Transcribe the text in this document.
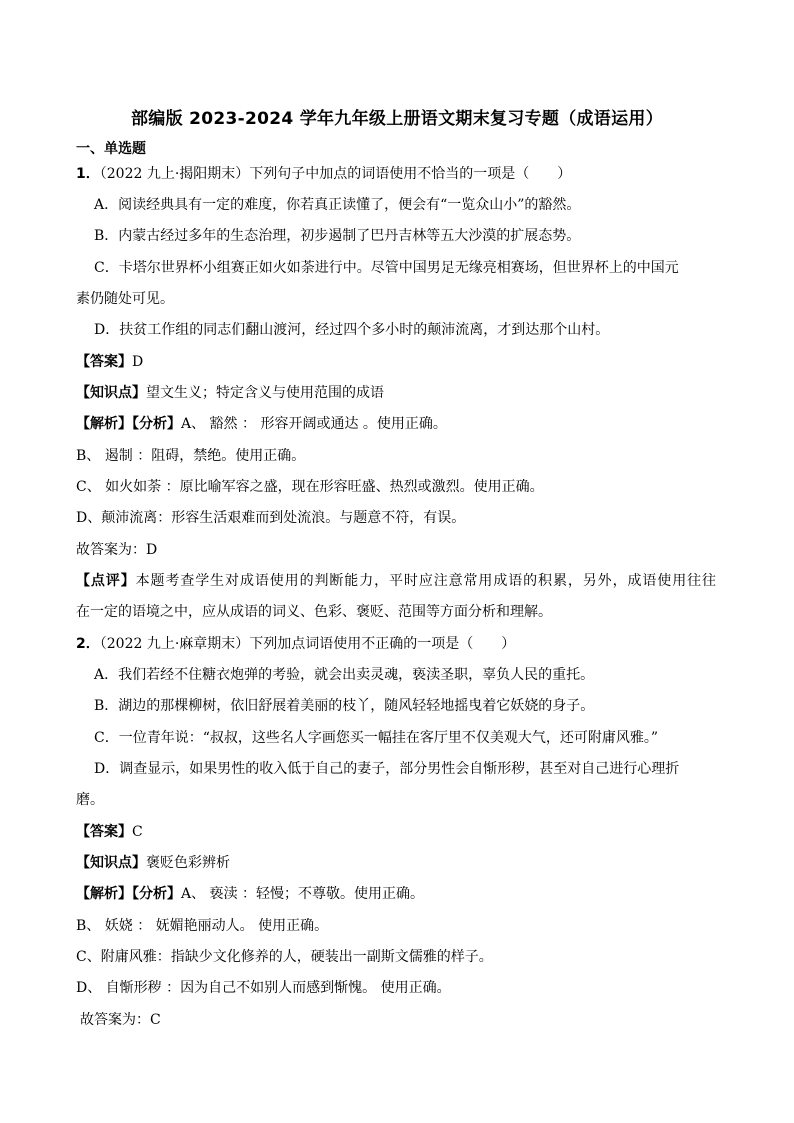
部编版 2023-2024 学年九年级上册语文期末复习专题（成语运用）
一、单选题
1．（2022 九上·揭阳期末）下列句子中加点的词语使用不恰当的一项是（　　）
A．阅读经典具有一定的难度，你若真正读懂了，便会有“一览众山小”的豁然。
B．内蒙古经过多年的生态治理，初步遏制了巴丹吉林等五大沙漠的扩展态势。
C．卡塔尔世界杯小组赛正如火如荼进行中。尽管中国男足无缘亮相赛场，但世界杯上的中国元
素仍随处可见。
D．扶贫工作组的同志们翻山渡河，经过四个多小时的颠沛流离，才到达那个山村。
【答案】D
【知识点】望文生义；特定含义与使用范围的成语
【解析】【分析】A、 豁然 ： 形容开阔或通达 。使用正确。
B、 遏制 ：阻碍，禁绝。使用正确。
C、 如火如荼 ：原比喻军容之盛，现在形容旺盛、热烈或激烈。使用正确。
D、颠沛流离：形容生活艰难而到处流浪。与题意不符，有误。
故答案为：D
【点评】本题考查学生对成语使用的判断能力，平时应注意常用成语的积累，另外，成语使用往往
在一定的语境之中，应从成语的词义、色彩、褒贬、范围等方面分析和理解。
2．（2022 九上·麻章期末）下列加点词语使用不正确的一项是（　　）
A．我们若经不住糖衣炮弹的考验，就会出卖灵魂，亵渎圣职，辜负人民的重托。
B．湖边的那棵柳树，依旧舒展着美丽的枝丫，随风轻轻地摇曳着它妖娆的身子。
C．一位青年说：“叔叔，这些名人字画您买一幅挂在客厅里不仅美观大气，还可附庸风雅。”
D．调查显示，如果男性的收入低于自己的妻子，部分男性会自惭形秽，甚至对自己进行心理折
磨。
【答案】C
【知识点】褒贬色彩辨析
【解析】【分析】A、 亵渎 ：轻慢；不尊敬。使用正确。
B、 妖娆 ： 妩媚艳丽动人。 使用正确。
C、附庸风雅：指缺少文化修养的人，硬装出一副斯文儒雅的样子。
D、 自惭形秽 ：因为自己不如别人而感到惭愧。 使用正确。
故答案为：C
